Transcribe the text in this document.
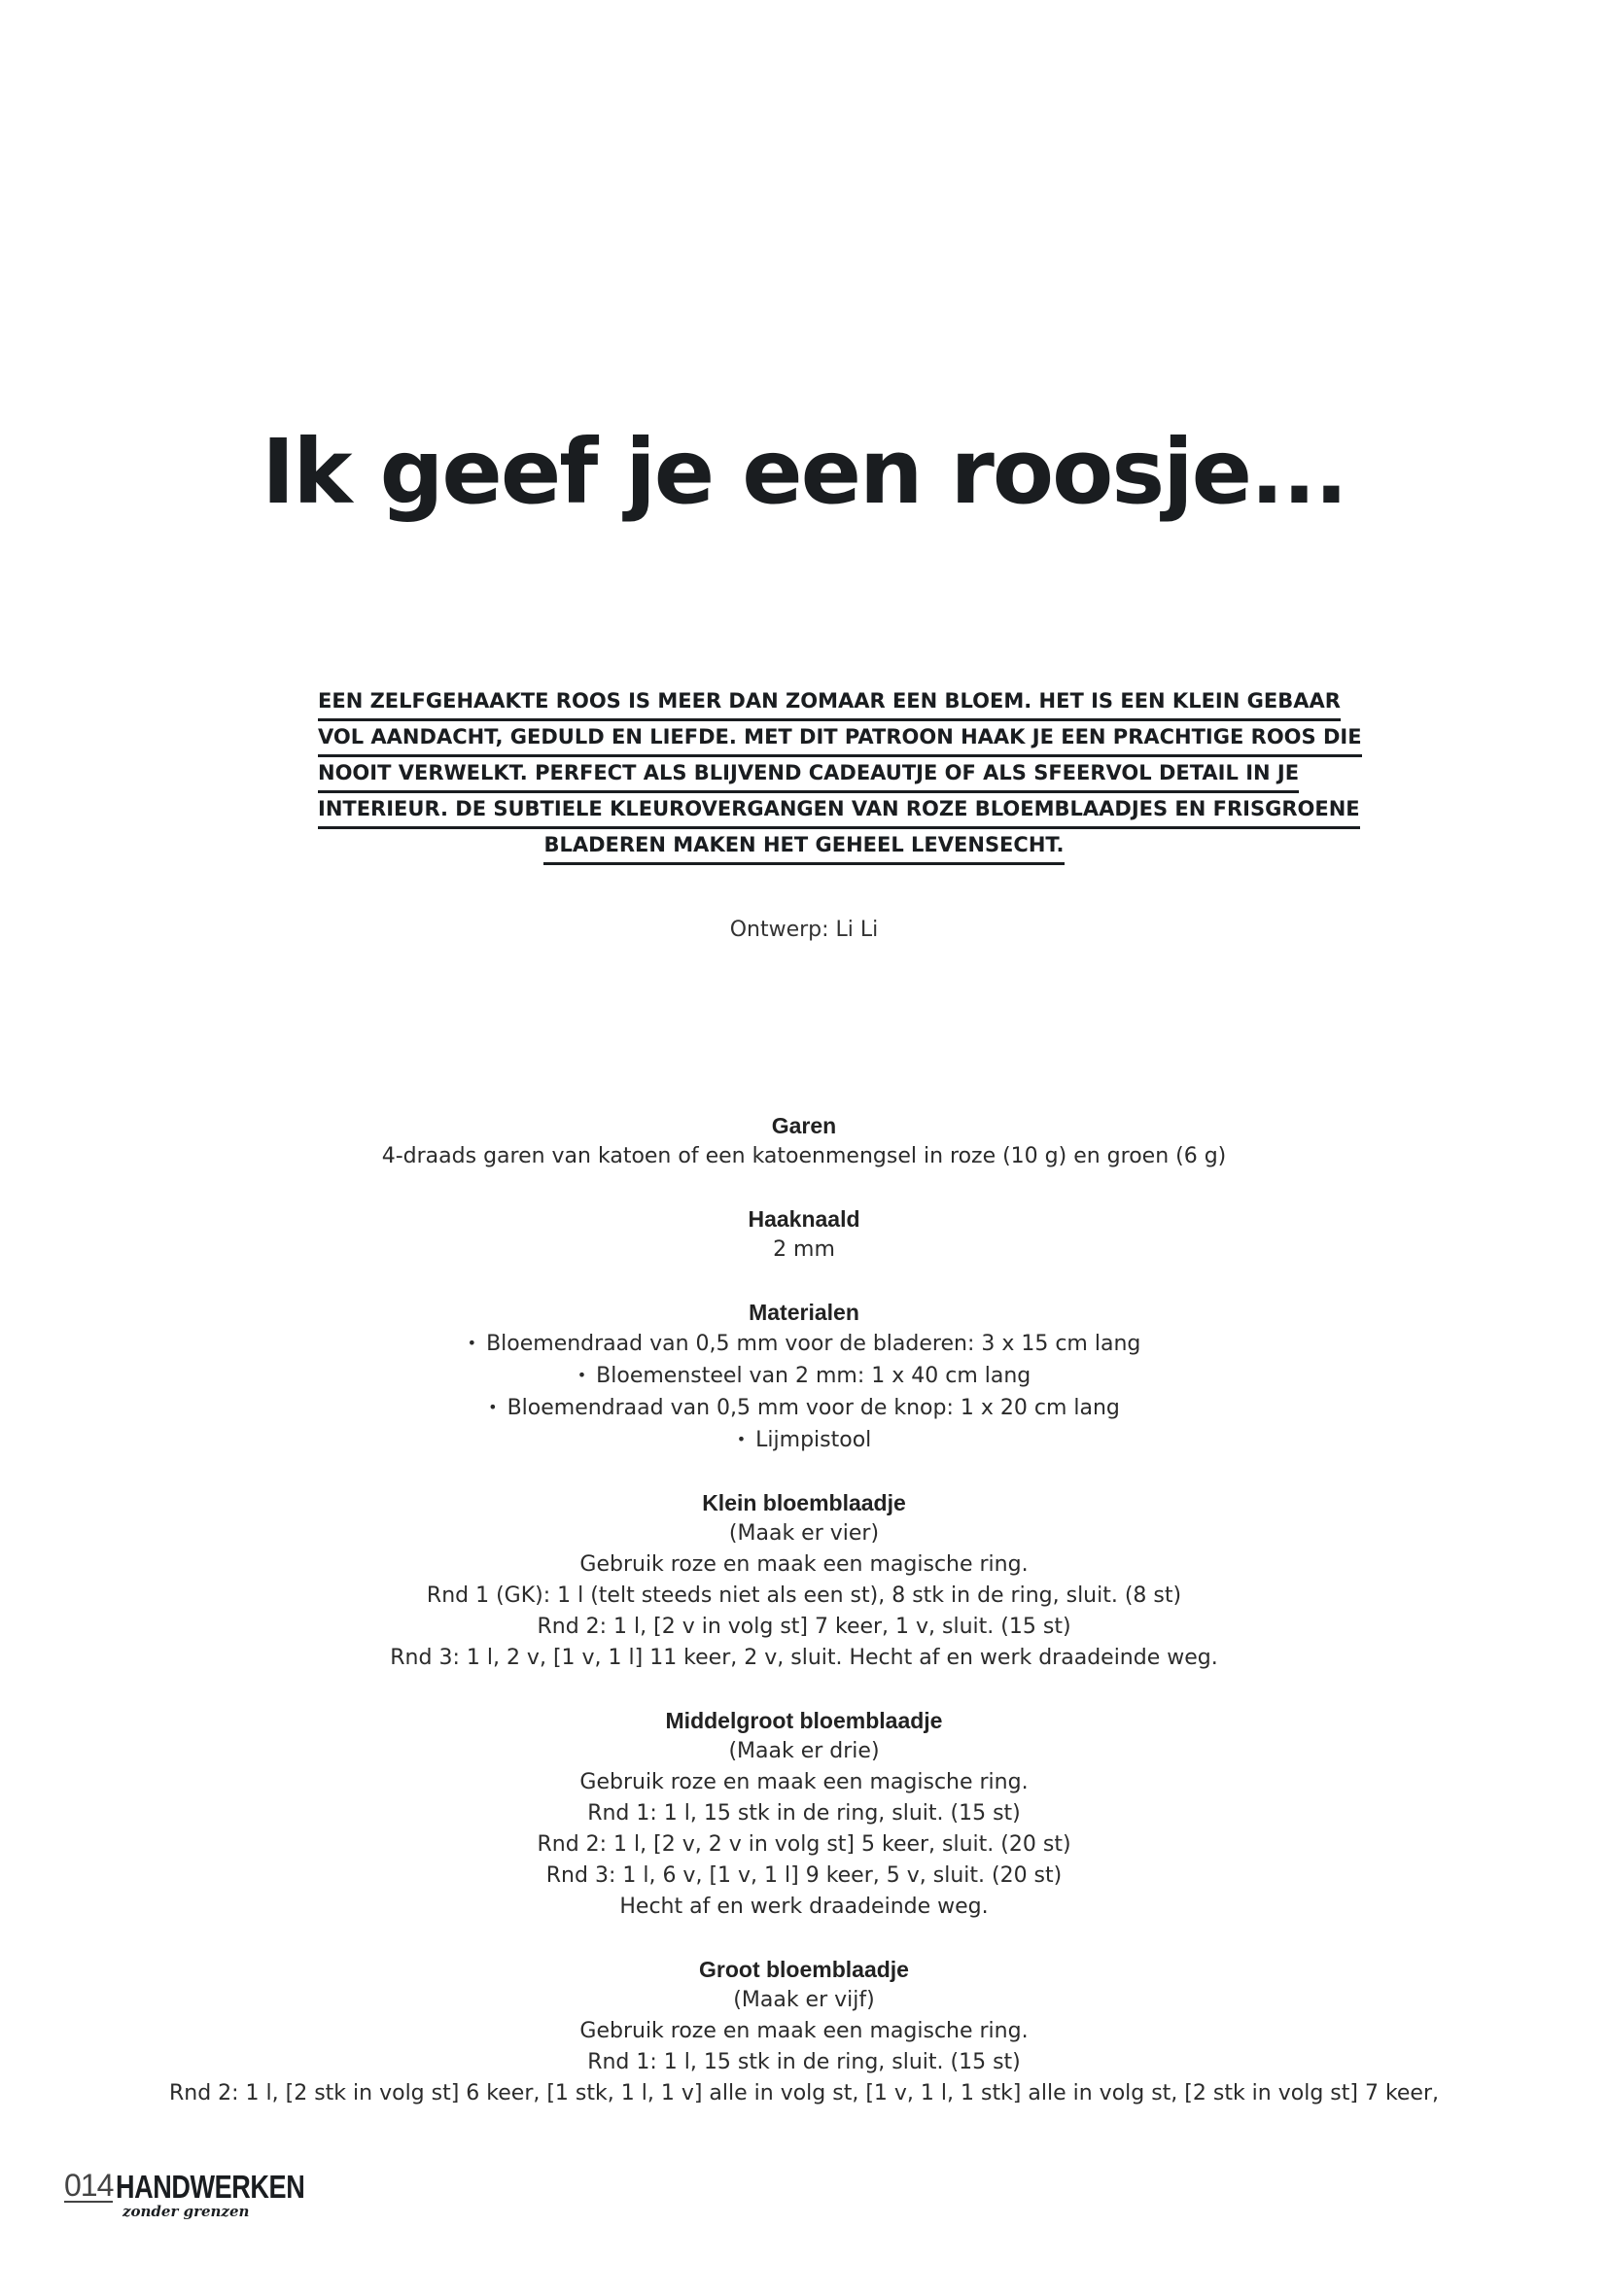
Ik geef je een roosje...
EEN ZELFGEHAAKTE ROOS IS MEER DAN ZOMAAR EEN BLOEM. HET IS EEN KLEIN GEBAAR
VOL AANDACHT, GEDULD EN LIEFDE. MET DIT PATROON HAAK JE EEN PRACHTIGE ROOS DIE
NOOIT VERWELKT. PERFECT ALS BLIJVEND CADEAUTJE OF ALS SFEERVOL DETAIL IN JE
INTERIEUR. DE SUBTIELE KLEUROVERGANGEN VAN ROZE BLOEMBLAADJES EN FRISGROENE
BLADEREN MAKEN HET GEHEEL LEVENSECHT.
Ontwerp: Li Li
Garen
4-draads garen van katoen of een katoenmengsel in roze (10 g) en groen (6 g)
Haaknaald
2 mm
Materialen
• Bloemendraad van 0,5 mm voor de bladeren: 3 x 15 cm lang
• Bloemensteel van 2 mm: 1 x 40 cm lang
• Bloemendraad van 0,5 mm voor de knop: 1 x 20 cm lang
• Lijmpistool
Klein bloemblaadje
(Maak er vier)
Gebruik roze en maak een magische ring.
Rnd 1 (GK): 1 l (telt steeds niet als een st), 8 stk in de ring, sluit. (8 st)
Rnd 2: 1 l, [2 v in volg st] 7 keer, 1 v, sluit. (15 st)
Rnd 3: 1 l, 2 v, [1 v, 1 l] 11 keer, 2 v, sluit. Hecht af en werk draadeinde weg.
Middelgroot bloemblaadje
(Maak er drie)
Gebruik roze en maak een magische ring.
Rnd 1: 1 l, 15 stk in de ring, sluit. (15 st)
Rnd 2: 1 l, [2 v, 2 v in volg st] 5 keer, sluit. (20 st)
Rnd 3: 1 l, 6 v, [1 v, 1 l] 9 keer, 5 v, sluit. (20 st)
Hecht af en werk draadeinde weg.
Groot bloemblaadje
(Maak er vijf)
Gebruik roze en maak een magische ring.
Rnd 1: 1 l, 15 stk in de ring, sluit. (15 st)
Rnd 2: 1 l, [2 stk in volg st] 6 keer, [1 stk, 1 l, 1 v] alle in volg st, [1 v, 1 l, 1 stk] alle in volg st, [2 stk in volg st] 7 keer,
014 HANDWERKEN
zonder grenzen
